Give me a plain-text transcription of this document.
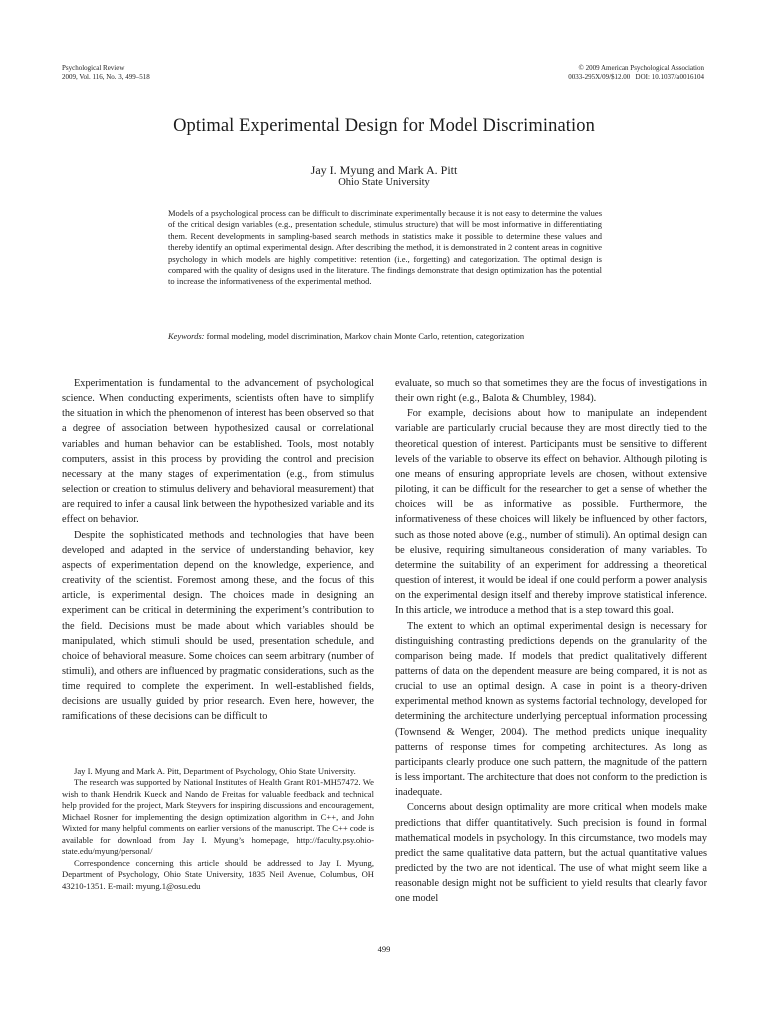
Psychological Review
2009, Vol. 116, No. 3, 499–518
© 2009 American Psychological Association
0033-295X/09/$12.00   DOI: 10.1037/a0016104
Optimal Experimental Design for Model Discrimination
Jay I. Myung and Mark A. Pitt
Ohio State University

Models of a psychological process can be difficult to discriminate experimentally because it is not easy to determine the values of the critical design variables (e.g., presentation schedule, stimulus structure) that will be most informative in differentiating them. Recent developments in sampling-based search methods in statistics make it possible to determine these values and thereby identify an optimal experimental design. After describing the method, it is demonstrated in 2 content areas in cognitive psychology in which models are highly competitive: retention (i.e., forgetting) and categorization. The optimal design is compared with the quality of designs used in the literature. The findings demonstrate that design optimization has the potential to increase the informativeness of the experimental method.

Keywords: formal modeling, model discrimination, Markov chain Monte Carlo, retention, categorization

Experimentation is fundamental to the advancement of psychological science. When conducting experiments, scientists often have to simplify the situation in which the phenomenon of interest has been observed so that a degree of association between hypothesized causal or correlational variables and human behavior can be established. Tools, most notably computers, assist in this process by providing the control and precision necessary at the many stages of experimentation (e.g., from stimulus selection or creation to stimulus delivery and behavioral measurement) that are required to infer a causal link between the hypothesized variable and its effect on behavior.

Despite the sophisticated methods and technologies that have been developed and adapted in the service of understanding behavior, key aspects of experimentation depend on the knowledge, experience, and creativity of the scientist. Foremost among these, and the focus of this article, is experimental design. The choices made in designing an experiment can be critical in determining the experiment’s contribution to the field. Decisions must be made about which variables should be manipulated, which stimuli should be used, presentation schedule, and choice of behavioral measure. Some choices can seem arbitrary (number of stimuli), and others are influenced by pragmatic considerations, such as the time required to complete the experiment. In well-established fields, decisions are usually guided by prior research. Even here, however, the ramifications of these decisions can be difficult to

evaluate, so much so that sometimes they are the focus of investigations in their own right (e.g., Balota & Chumbley, 1984).

For example, decisions about how to manipulate an independent variable are particularly crucial because they are most directly tied to the theoretical question of interest. Participants must be sensitive to different levels of the variable to observe its effect on behavior. Although piloting is one means of ensuring appropriate levels are chosen, without extensive piloting, it can be difficult for the researcher to get a sense of whether the choices will be as informative as possible. Furthermore, the informativeness of these choices will likely be influenced by other factors, such as those noted above (e.g., number of stimuli). An optimal design can be elusive, requiring simultaneous consideration of many variables. To determine the suitability of an experiment for addressing a theoretical question of interest, it would be ideal if one could perform a power analysis on the experimental design itself and thereby improve statistical inference. In this article, we introduce a method that is a step toward this goal.

The extent to which an optimal experimental design is necessary for distinguishing contrasting predictions depends on the granularity of the comparison being made. If models that predict qualitatively different patterns of data on the dependent measure are being compared, it is not as crucial to use an optimal design. A case in point is a theory-driven experimental method known as systems factorial technology, developed for determining the architecture underlying perceptual information processing (Townsend & Wenger, 2004). The method predicts unique inequality patterns of response times for competing architectures. As long as participants clearly produce one such pattern, the magnitude of the pattern is less important. The architecture that does not conform to the prediction is inadequate.

Concerns about design optimality are more critical when models make predictions that differ quantitatively. Such precision is found in formal mathematical models in psychology. In this circumstance, two models may predict the same qualitative data pattern, but the actual quantitative values predicted by the two are not identical. The use of what might seem like a reasonable design might not be sufficient to yield results that clearly favor one model

Jay I. Myung and Mark A. Pitt, Department of Psychology, Ohio State University.

The research was supported by National Institutes of Health Grant R01-MH57472. We wish to thank Hendrik Kueck and Nando de Freitas for valuable feedback and technical help provided for the project, Mark Steyvers for inspiring discussions and encouragement, Michael Rosner for implementing the design optimization algorithm in C++, and John Wixted for many helpful comments on earlier versions of the manuscript. The C++ code is available for download from Jay I. Myung’s homepage, http://faculty.psy.ohio-state.edu/myung/personal/

Correspondence concerning this article should be addressed to Jay I. Myung, Department of Psychology, Ohio State University, 1835 Neil Avenue, Columbus, OH 43210-1351. E-mail: myung.1@osu.edu

499
